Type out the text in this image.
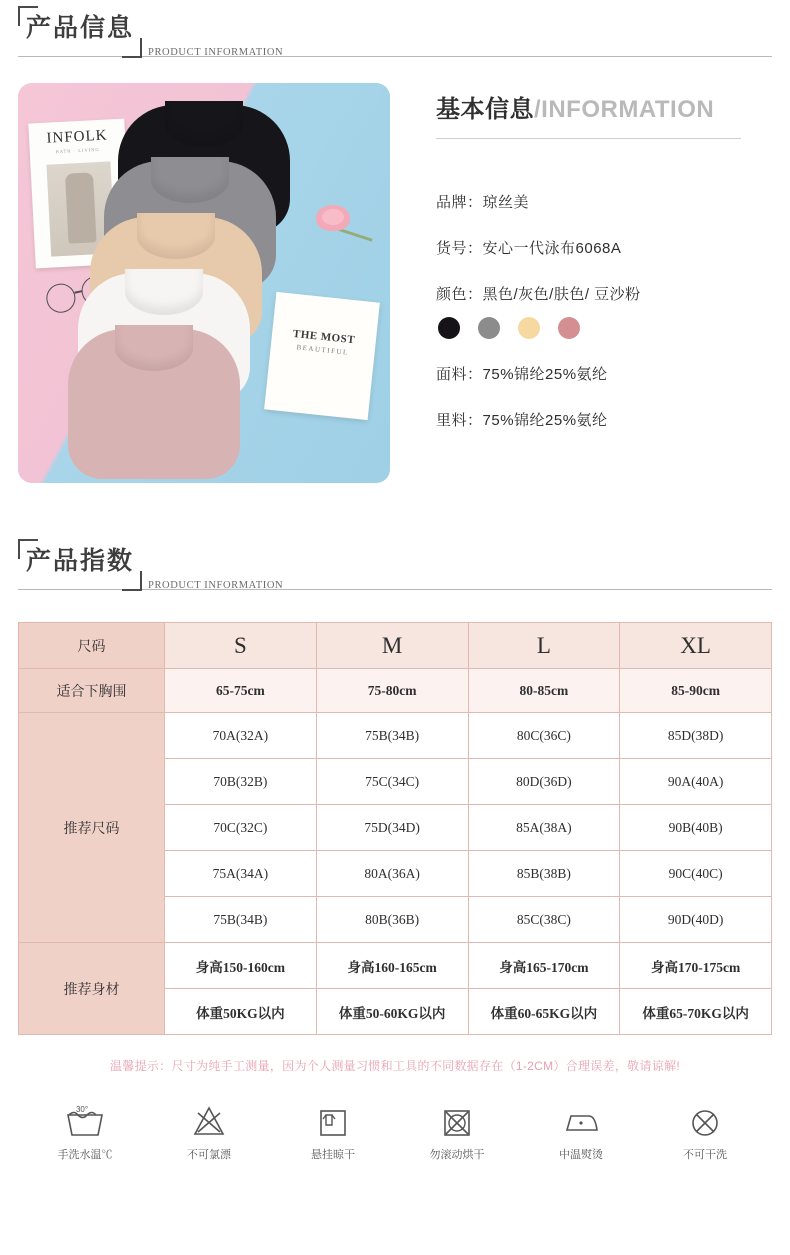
产品信息
PRODUCT INFORMATION
INFOLK
BATH · LIVING
THE MOST
BEAUTIFUL
基本信息/INFORMATION
品牌：琼丝美
货号：安心一代泳布6068A
颜色：黑色/灰色/肤色/ 豆沙粉
面料：75%锦纶25%氨纶
里料：75%锦纶25%氨纶
产品指数
PRODUCT INFORMATION
尺码	S	M	L	XL
适合下胸围	65-75cm	75-80cm	80-85cm	85-90cm
推荐尺码	70A(32A)	75B(34B)	80C(36C)	85D(38D)
	70B(32B)	75C(34C)	80D(36D)	90A(40A)
	70C(32C)	75D(34D)	85A(38A)	90B(40B)
	75A(34A)	80A(36A)	85B(38B)	90C(40C)
	75B(34B)	80B(36B)	85C(38C)	90D(40D)
推荐身材	身高150-160cm	身高160-165cm	身高165-170cm	身高170-175cm
	体重50KG以内	体重50-60KG以内	体重60-65KG以内	体重65-70KG以内
温馨提示：尺寸为纯手工测量，因为个人测量习惯和工具的不同数据存在（1-2CM）合理误差，敬请谅解!
30°
手洗水温℃	不可氯漂	悬挂晾干	勿滚动烘干	中温熨烫	不可干洗
